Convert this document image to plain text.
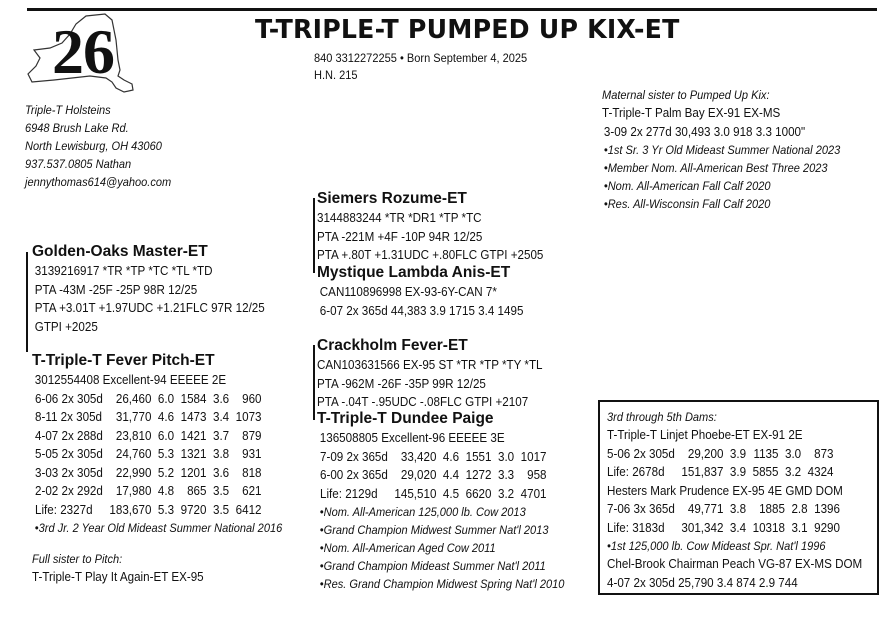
26	T-TRIPLE-T PUMPED UP KIX-ET
840 3312272255 • Born September 4, 2025
H.N. 215
Triple-T Holsteins
6948 Brush Lake Rd.
North Lewisburg, OH 43060
937.537.0805 Nathan
jennythomas614@yahoo.com
Maternal sister to Pumped Up Kix:
T-Triple-T Palm Bay EX-91 EX-MS
3-09 2x 277d 30,493 3.0 918 3.3 1000"
•1st Sr. 3 Yr Old Mideast Summer National 2023
•Member Nom. All-American Best Three 2023
•Nom. All-American Fall Calf 2020
•Res. All-Wisconsin Fall Calf 2020
Siemers Rozume-ET
3144883244 *TR *DR1 *TP *TC
PTA -221M +4F -10P 94R 12/25
PTA +.80T +1.31UDC +.80FLC GTPI +2505
Mystique Lambda Anis-ET
CAN110896998 EX-93-6Y-CAN 7*
6-07 2x 365d 44,383 3.9 1715 3.4 1495
Golden-Oaks Master-ET
3139216917 *TR *TP *TC *TL *TD
PTA -43M -25F -25P 98R 12/25
PTA +3.01T +1.97UDC +1.21FLC 97R 12/25
GTPI +2025
T-Triple-T Fever Pitch-ET
3012554408 Excellent-94 EEEEE 2E
6-06 2x 305d	26,460	6.0	1584	3.6	960
8-11 2x 305d	31,770	4.6	1473	3.4	1073
4-07 2x 288d	23,810	6.0	1421	3.7	879
5-05 2x 305d	24,760	5.3	1321	3.8	931
3-03 2x 305d	22,990	5.2	1201	3.6	818
2-02 2x 292d	17,980	4.8	865	3.5	621
Life: 2327d	183,670	5.3	9720	3.5	6412
•3rd Jr. 2 Year Old Mideast Summer National 2016
Full sister to Pitch:
T-Triple-T Play It Again-ET EX-95
Crackholm Fever-ET
CAN103631566 EX-95 ST *TR *TP *TY *TL
PTA -962M -26F -35P 99R 12/25
PTA -.04T -.95UDC -.08FLC GTPI +2107
T-Triple-T Dundee Paige
136508805 Excellent-96 EEEEE 3E
7-09 2x 365d	33,420	4.6	1551	3.0	1017
6-00 2x 365d	29,020	4.4	1272	3.3	958
Life: 2129d	145,510	4.5	6620	3.2	4701
•Nom. All-American 125,000 lb. Cow 2013
•Grand Champion Midwest Summer Nat'l 2013
•Nom. All-American Aged Cow 2011
•Grand Champion Mideast Summer Nat'l 2011
•Res. Grand Champion Midwest Spring Nat'l 2010
3rd through 5th Dams:
T-Triple-T Linjet Phoebe-ET EX-91 2E
5-06 2x 305d	29,200	3.9	1135	3.0	873
Life: 2678d	151,837	3.9	5855	3.2	4324
Hesters Mark Prudence EX-95 4E GMD DOM
7-06 3x 365d	49,771	3.8	1885	2.8	1396
Life: 3183d	301,342	3.4	10318	3.1	9290
•1st 125,000 lb. Cow Mideast Spr. Nat'l 1996
Chel-Brook Chairman Peach VG-87 EX-MS DOM
4-07 2x 305d 25,790 3.4 874 2.9 744
